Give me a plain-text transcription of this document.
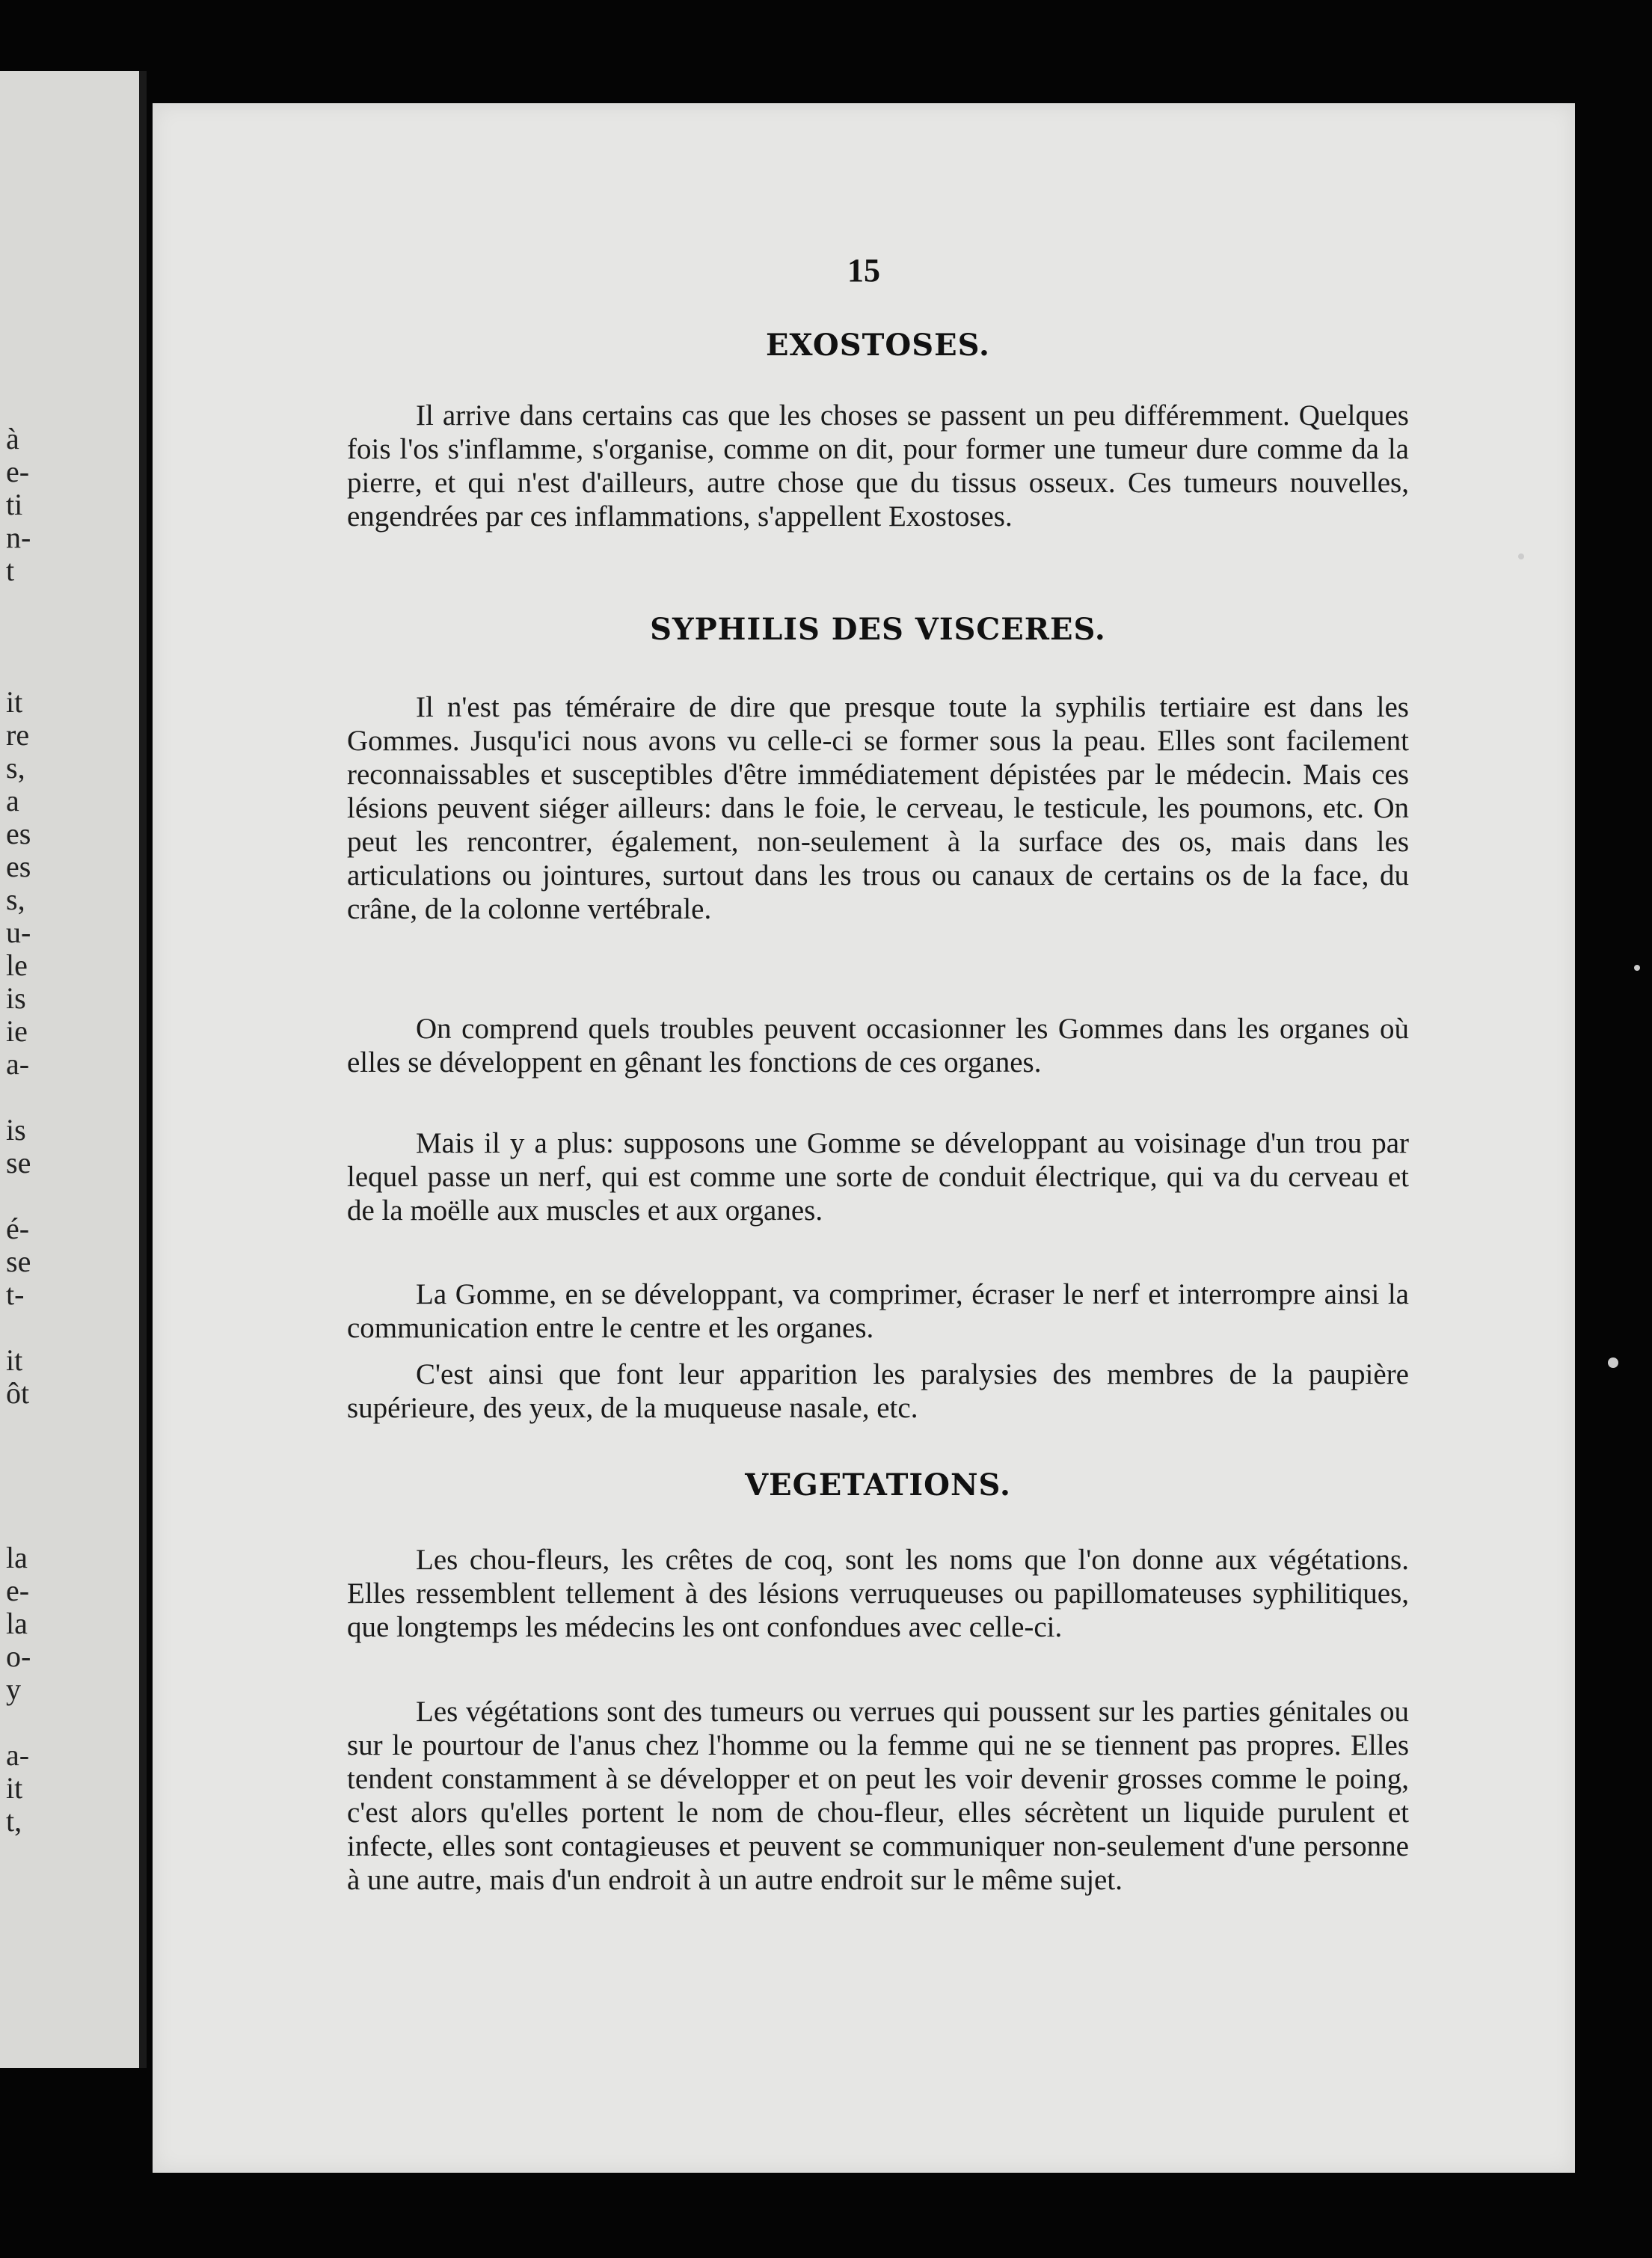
à
e-
ti
n-
t
it
re
s,
a
es
es
s,
u-
le
is
ie
a-
is
se
é-
se
t-
it
ôt
la
e-
la
o-
y
a-
it
t,
15
EXOSTOSES.

Il arrive dans certains cas que les choses se passent un peu différemment. Quelques fois l'os s'inflamme, s'organise, comme on dit, pour former une tumeur dure comme da la pierre, et qui n'est d'ailleurs, autre chose que du tissus osseux. Ces tumeurs nouvelles, engendrées par ces inflammations, s'appellent Exostoses.

SYPHILIS DES VISCERES.

Il n'est pas téméraire de dire que presque toute la syphilis tertiaire est dans les Gommes. Jusqu'ici nous avons vu celle-ci se former sous la peau. Elles sont facilement reconnaissables et susceptibles d'être immédiatement dépistées par le médecin. Mais ces lésions peuvent siéger ailleurs: dans le foie, le cerveau, le testicule, les poumons, etc. On peut les rencontrer, également, non-seulement à la surface des os, mais dans les articulations ou jointures, surtout dans les trous ou canaux de certains os de la face, du crâne, de la colonne vertébrale.

On comprend quels troubles peuvent occasionner les Gommes dans les organes où elles se développent en gênant les fonctions de ces organes.

Mais il y a plus: supposons une Gomme se développant au voisinage d'un trou par lequel passe un nerf, qui est comme une sorte de conduit électrique, qui va du cerveau et de la moëlle aux muscles et aux organes.

La Gomme, en se développant, va comprimer, écraser le nerf et interrompre ainsi la communication entre le centre et les organes.

C'est ainsi que font leur apparition les paralysies des membres de la paupière supérieure, des yeux, de la muqueuse nasale, etc.

VEGETATIONS.

Les chou-fleurs, les crêtes de coq, sont les noms que l'on donne aux végétations. Elles ressemblent tellement à des lésions verruqueuses ou papillomateuses syphilitiques, que longtemps les médecins les ont confondues avec celle-ci.

Les végétations sont des tumeurs ou verrues qui poussent sur les parties génitales ou sur le pourtour de l'anus chez l'homme ou la femme qui ne se tiennent pas propres. Elles tendent constamment à se développer et on peut les voir devenir grosses comme le poing, c'est alors qu'elles portent le nom de chou-fleur, elles sécrètent un liquide purulent et infecte, elles sont contagieuses et peuvent se communiquer non-seulement d'une personne à une autre, mais d'un endroit à un autre endroit sur le même sujet.
